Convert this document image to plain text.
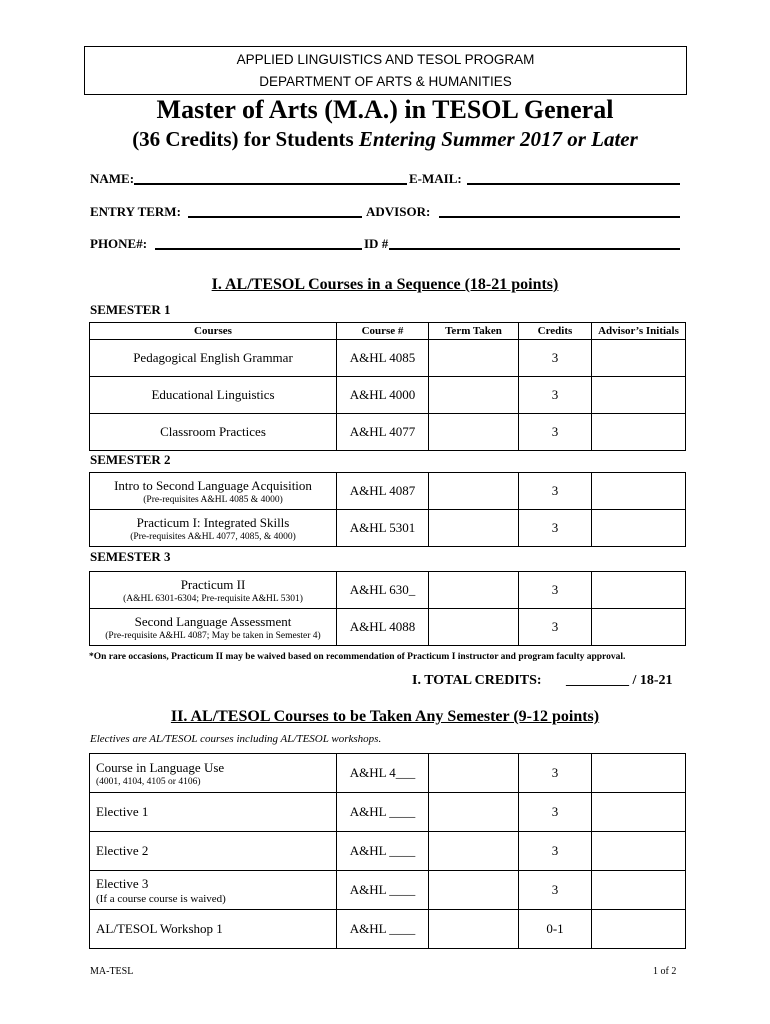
APPLIED LINGUISTICS AND TESOL PROGRAM
DEPARTMENT OF ARTS & HUMANITIES
Master of Arts (M.A.) in TESOL General
(36 Credits) for Students Entering Summer 2017 or Later
NAME:	E-MAIL:
ENTRY TERM:	ADVISOR:
PHONE#:	ID #
I. AL/TESOL Courses in a Sequence (18-21 points)
SEMESTER 1
Courses	Course #	Term Taken	Credits	Advisor’s Initials
Pedagogical English Grammar	A&HL 4085		3	
Educational Linguistics	A&HL 4000		3	
Classroom Practices	A&HL 4077		3	
SEMESTER 2
Intro to Second Language Acquisition
(Pre-requisites A&HL 4085 & 4000)	A&HL 4087		3	
Practicum I: Integrated Skills
(Pre-requisites A&HL 4077, 4085, & 4000)	A&HL 5301		3	
SEMESTER 3
Practicum II
(A&HL 6301-6304; Pre-requisite A&HL 5301)	A&HL 630_		3	
Second Language Assessment
(Pre-requisite A&HL 4087; May be taken in Semester 4)	A&HL 4088		3	
*On rare occasions, Practicum II may be waived based on recommendation of Practicum I instructor and program faculty approval.
I. TOTAL CREDITS: _________ / 18-21
II. AL/TESOL Courses to be Taken Any Semester (9-12 points)
Electives are AL/TESOL courses including AL/TESOL workshops.
Course in Language Use
(4001, 4104, 4105 or 4106)	A&HL 4___		3	
Elective 1	A&HL ____		3	
Elective 2	A&HL ____		3	
Elective 3
(If a course course is waived)	A&HL ____		3	
AL/TESOL Workshop 1	A&HL ____		0-1	
MA-TESL	1 of 2
